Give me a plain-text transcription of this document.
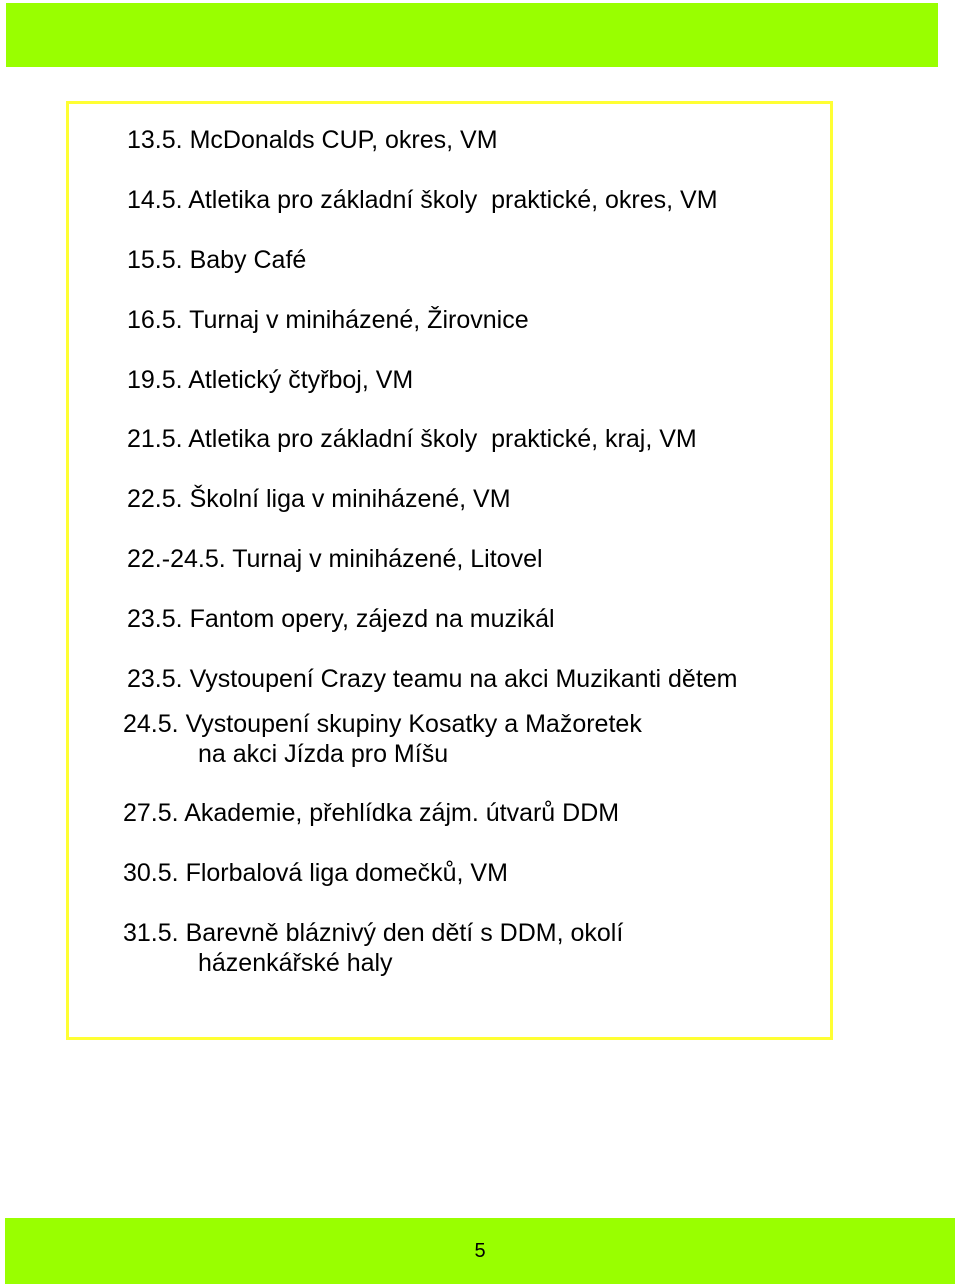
13.5. McDonalds CUP, okres, VM
14.5. Atletika pro základní školy  praktické, okres, VM
15.5. Baby Café
16.5. Turnaj v miniházené, Žirovnice
19.5. Atletický čtyřboj, VM
21.5. Atletika pro základní školy  praktické, kraj, VM
22.5. Školní liga v miniházené, VM
22.-24.5. Turnaj v miniházené, Litovel
23.5. Fantom opery, zájezd na muzikál
23.5. Vystoupení Crazy teamu na akci Muzikanti dětem
24.5. Vystoupení skupiny Kosatky a Mažoretek
na akci Jízda pro Míšu
27.5. Akademie, přehlídka zájm. útvarů DDM
30.5. Florbalová liga domečků, VM
31.5. Barevně bláznivý den dětí s DDM, okolí
házenkářské haly
5
